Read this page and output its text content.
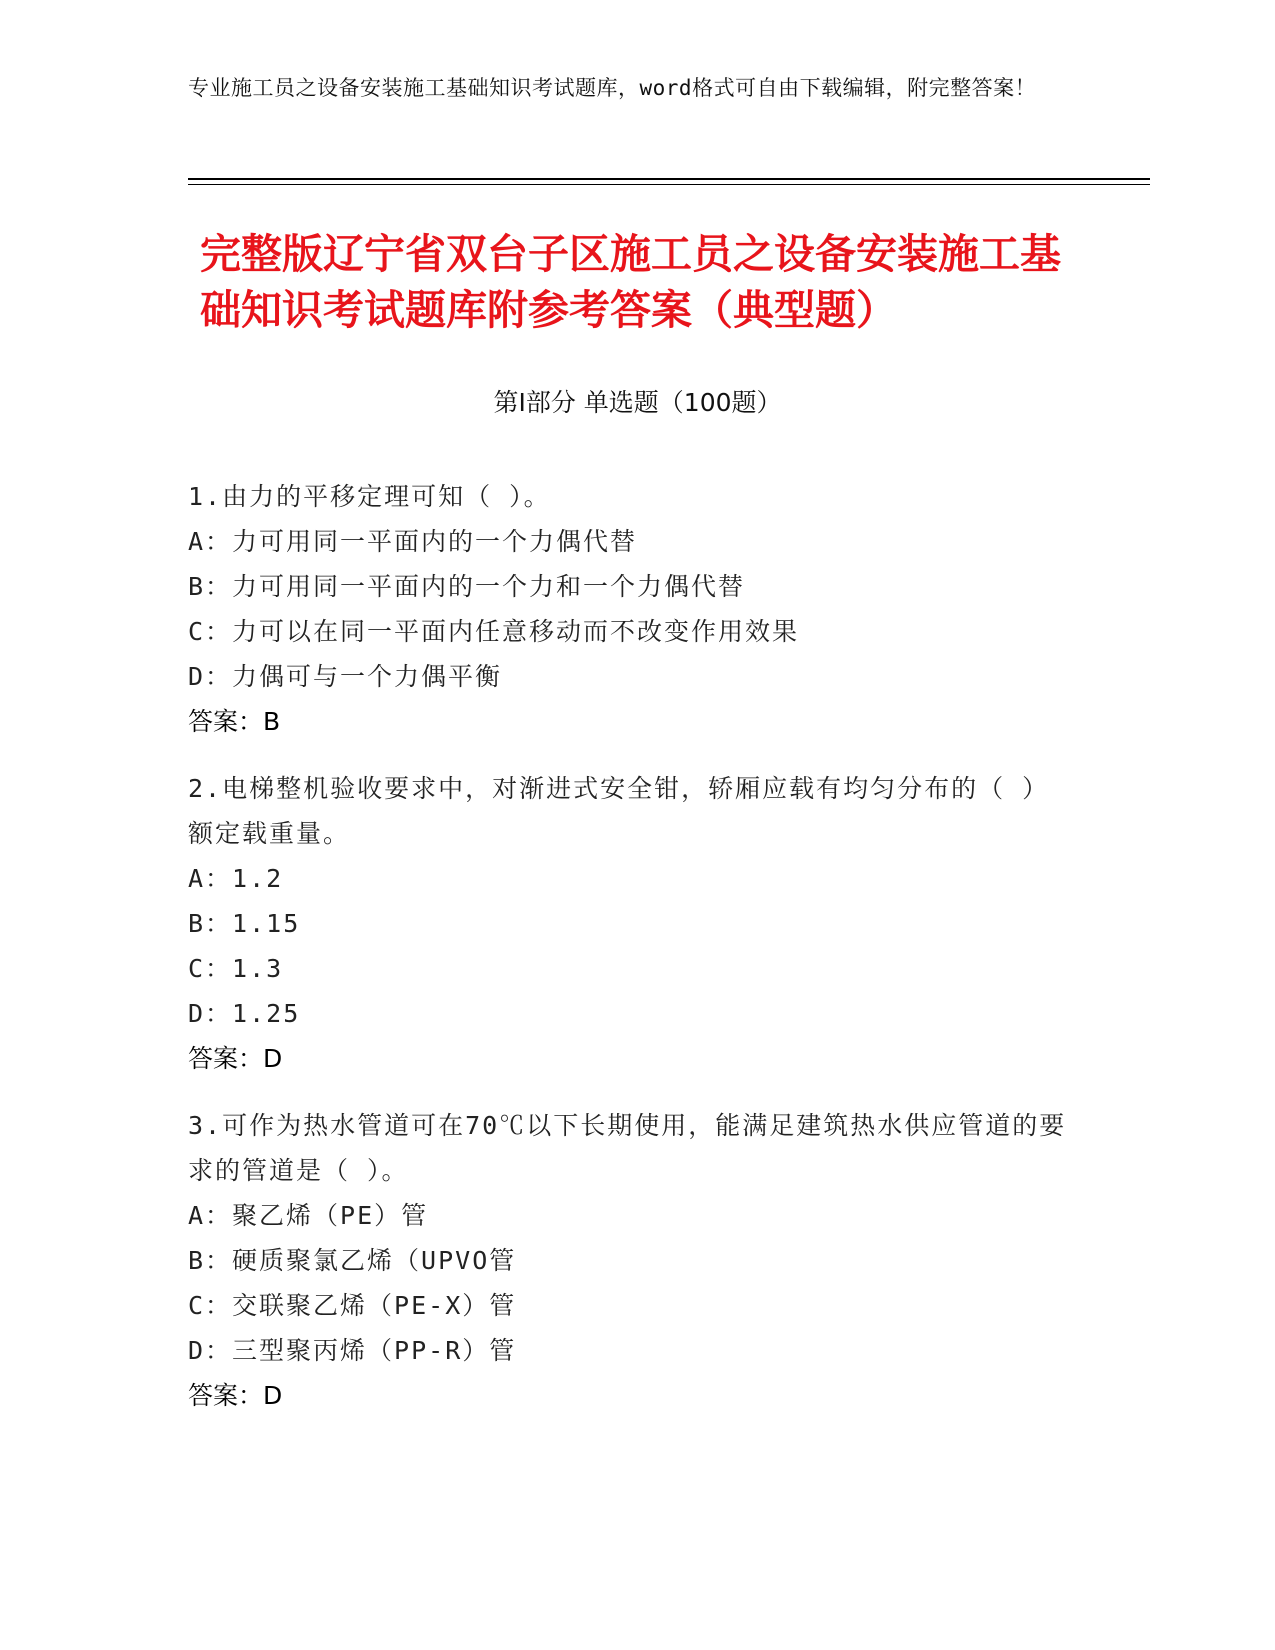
专业施工员之设备安装施工基础知识考试题库，word格式可自由下载编辑，附完整答案！
完整版辽宁省双台子区施工员之设备安装施工基础知识考试题库附参考答案（典型题）
第Ⅰ部分 单选题（100题）
1.由力的平移定理可知（ ）。
A：力可用同一平面内的一个力偶代替
B：力可用同一平面内的一个力和一个力偶代替
C：力可以在同一平面内任意移动而不改变作用效果
D：力偶可与一个力偶平衡
答案：B
2.电梯整机验收要求中，对渐进式安全钳，轿厢应载有均匀分布的（ ）额定载重量。
A：1.2
B：1.15
C：1.3
D：1.25
答案：D
3.可作为热水管道可在70℃以下长期使用，能满足建筑热水供应管道的要求的管道是（ ）。
A：聚乙烯（PE）管
B：硬质聚氯乙烯（UPVO管
C：交联聚乙烯（PE-X）管
D：三型聚丙烯（PP-R）管
答案：D
